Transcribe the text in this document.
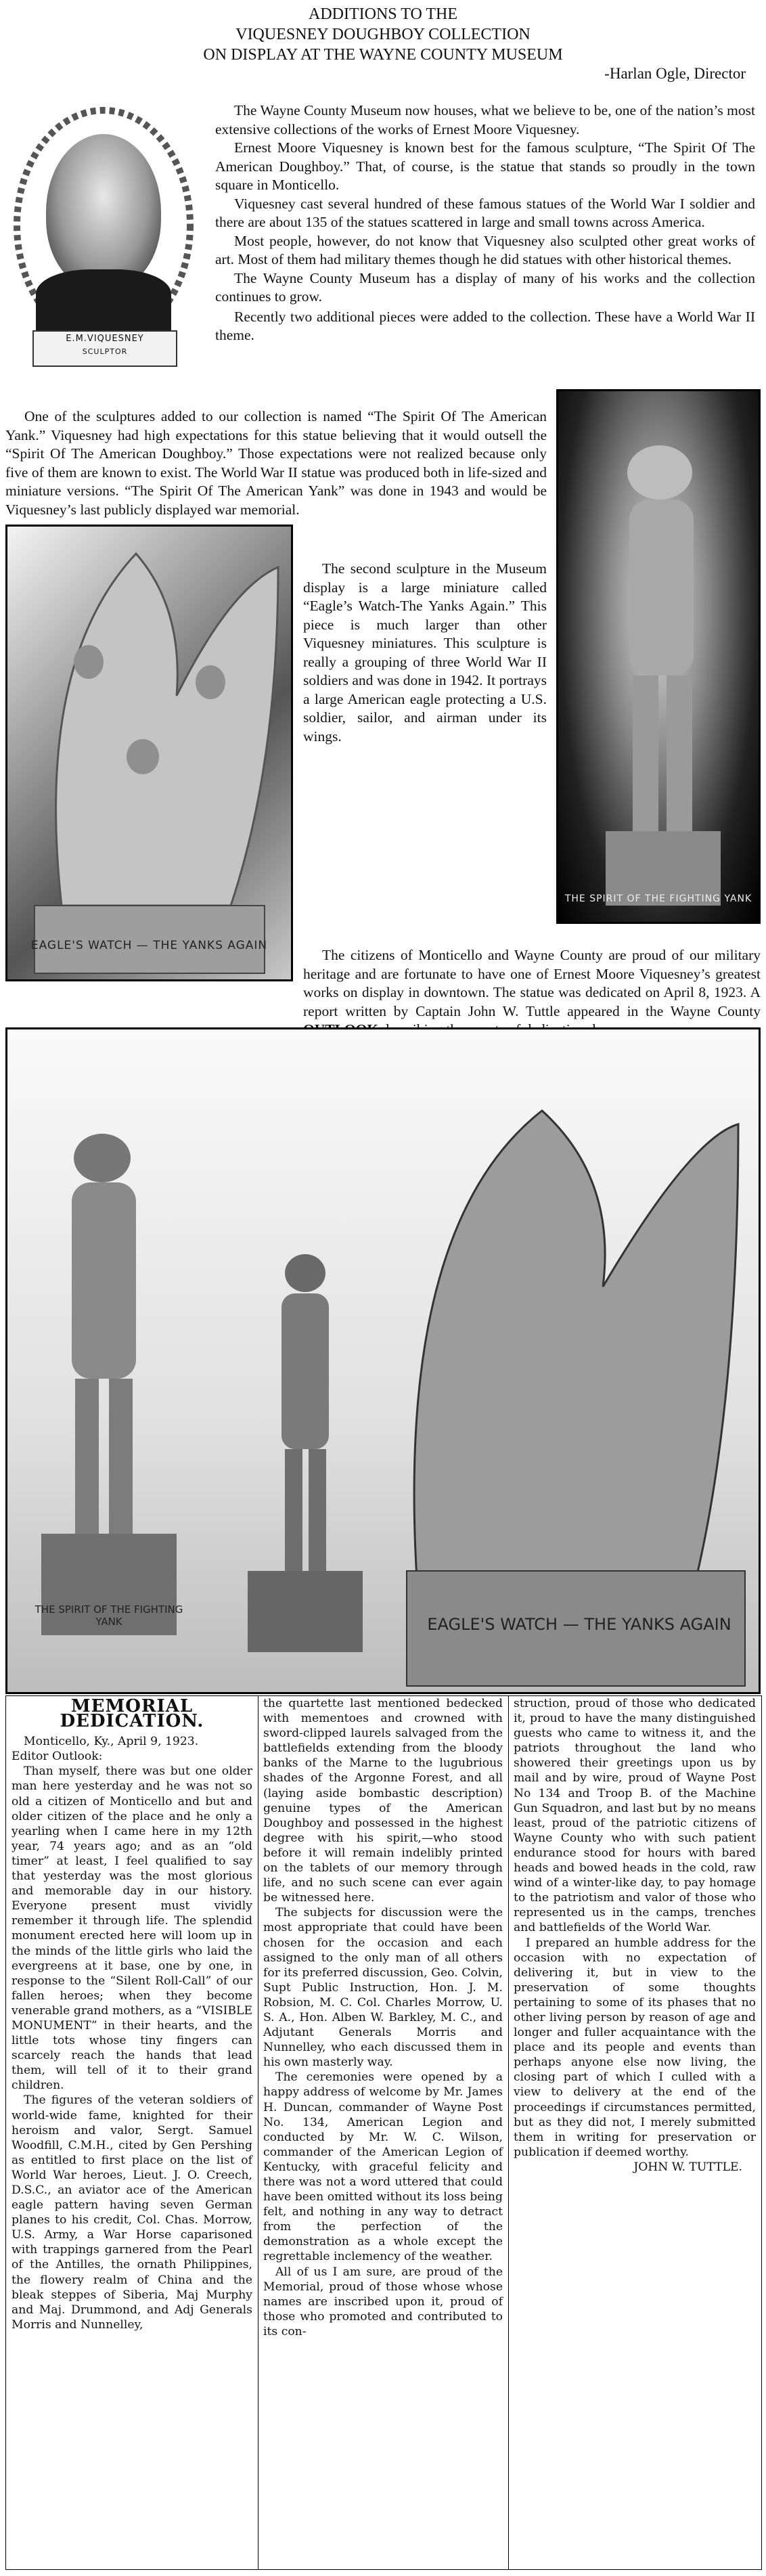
ADDITIONS TO THE
VIQUESNEY DOUGHBOY COLLECTION
ON DISPLAY AT THE WAYNE COUNTY MUSEUM
-Harlan Ogle, Director
E.M.VIQUESNEY
SCULPTOR

The Wayne County Museum now houses, what we believe to be, one of the nation’s most extensive collections of the works of Ernest Moore Viquesney.

Ernest Moore Viquesney is known best for the famous sculpture, “The Spirit Of The American Doughboy.” That, of course, is the statue that stands so proudly in the town square in Monticello.

Viquesney cast several hundred of these famous statues of the World War I soldier and there are about 135 of the statues scattered in large and small towns across America.

Most people, however, do not know that Viquesney also sculpted other great works of art. Most of them had military themes though he did statues with other historical themes.

The Wayne County Museum has a display of many of his works and the collection continues to grow.

Recently two additional pieces were added to the collection. These have a World War II theme.

THE SPIRIT OF THE FIGHTING YANK

One of the sculptures added to our collection is named “The Spirit Of The American Yank.” Viquesney had high expectations for this statue believing that it would outsell the “Spirit Of The American Doughboy.” Those expectations were not realized because only five of them are known to exist. The World War II statue was produced both in life-sized and miniature versions. “The Spirit Of The American Yank” was done in 1943 and would be Viquesney’s last publicly displayed war memorial.

EAGLE'S WATCH — THE YANKS AGAIN

The second sculpture in the Museum display is a large miniature called “Eagle’s Watch-The Yanks Again.” This piece is much larger than other Viquesney miniatures. This sculpture is really a grouping of three World War II soldiers and was done in 1942. It portrays a large American eagle protecting a U.S. soldier, sailor, and airman under its wings.

The citizens of Monticello and Wayne County are proud of our military heritage and are fortunate to have one of Ernest Moore Viquesney’s greatest works on display in downtown. The statue was dedicated on April 8, 1923. A report written by Captain John W. Tuttle appeared in the Wayne County

THE SPIRIT OF THE FIGHTING YANK	EAGLE'S WATCH — THE YANKS AGAIN
MEMORIAL DEDICATION.

Monticello, Ky., April 9, 1923.

Editor Outlook:

Than myself, there was but one older man here yesterday and he was not so old a citizen of Monticello and but and older citizen of the place and he only a yearling when I came here in my 12th year, 74 years ago; and as an “old timer” at least, I feel qualified to say that yesterday was the most glorious and memorable day in our history. Everyone present must vividly remember it through life. The splendid monument erected here will loom up in the minds of the little girls who laid the evergreens at it base, one by one, in response to the “Silent Roll-Call” of our fallen heroes; when they become venerable grand mothers, as a “VISIBLE MONUMENT” in their hearts, and the little tots whose tiny fingers can scarcely reach the hands that lead them, will tell of it to their grand children.

The figures of the veteran soldiers of world-wide fame, knighted for their heroism and valor, Sergt. Samuel Woodfill, C.M.H., cited by Gen Pershing as entitled to first place on the list of World War heroes, Lieut. J. O. Creech, D.S.C., an aviator ace of the American eagle pattern having seven German planes to his credit, Col. Chas. Morrow, U.S. Army, a War Horse caparisoned with trappings garnered from the Pearl of the Antilles, the ornath Philippines, the flowery realm of China and the bleak steppes of Siberia, Maj Murphy and Maj. Drummond, and Adj Generals Morris and Nunnelley,

the quartette last mentioned bedecked with mementoes and crowned with sword-clipped laurels salvaged from the battlefields extending from the bloody banks of the Marne to the lugubrious shades of the Argonne Forest, and all (laying aside bombastic description) genuine types of the American Doughboy and possessed in the highest degree with his spirit,—who stood before it will remain indelibly printed on the tablets of our memory through life, and no such scene can ever again be witnessed here.

The subjects for discussion were the most appropriate that could have been chosen for the occasion and each assigned to the only man of all others for its preferred discussion, Geo. Colvin, Supt Public Instruction, Hon. J. M. Robsion, M. C. Col. Charles Morrow, U. S. A., Hon. Alben W. Barkley, M. C., and Adjutant Generals Morris and Nunnelley, who each discussed them in his own masterly way.

The ceremonies were opened by a happy address of welcome by Mr. James H. Duncan, commander of Wayne Post No. 134, American Legion and conducted by Mr. W. C. Wilson, commander of the American Legion of Kentucky, with graceful felicity and there was not a word uttered that could have been omitted without its loss being felt, and nothing in any way to detract from the perfection of the demonstration as a whole except the regrettable inclemency of the weather.

All of us I am sure, are proud of the Memorial, proud of those whose whose names are inscribed upon it, proud of those who promoted and contributed to its con-

struction, proud of those who dedicated it, proud to have the many distinguished guests who came to witness it, and the patriots throughout the land who showered their greetings upon us by mail and by wire, proud of Wayne Post No 134 and Troop B. of the Machine Gun Squadron, and last but by no means least, proud of the patriotic citizens of Wayne County who with such patient endurance stood for hours with bared heads and bowed heads in the cold, raw wind of a winter-like day, to pay homage to the patriotism and valor of those who represented us in the camps, trenches and battlefields of the World War.

I prepared an humble address for the occasion with no expectation of delivering it, but in view to the preservation of some thoughts pertaining to some of its phases that no other living person by reason of age and longer and fuller acquaintance with the place and its people and events than perhaps anyone else now living, the closing part of which I culled with a view to delivery at the end of the proceedings if circumstances permitted, but as they did not, I merely submitted them in writing for preservation or publication if deemed worthy.

JOHN W. TUTTLE.
